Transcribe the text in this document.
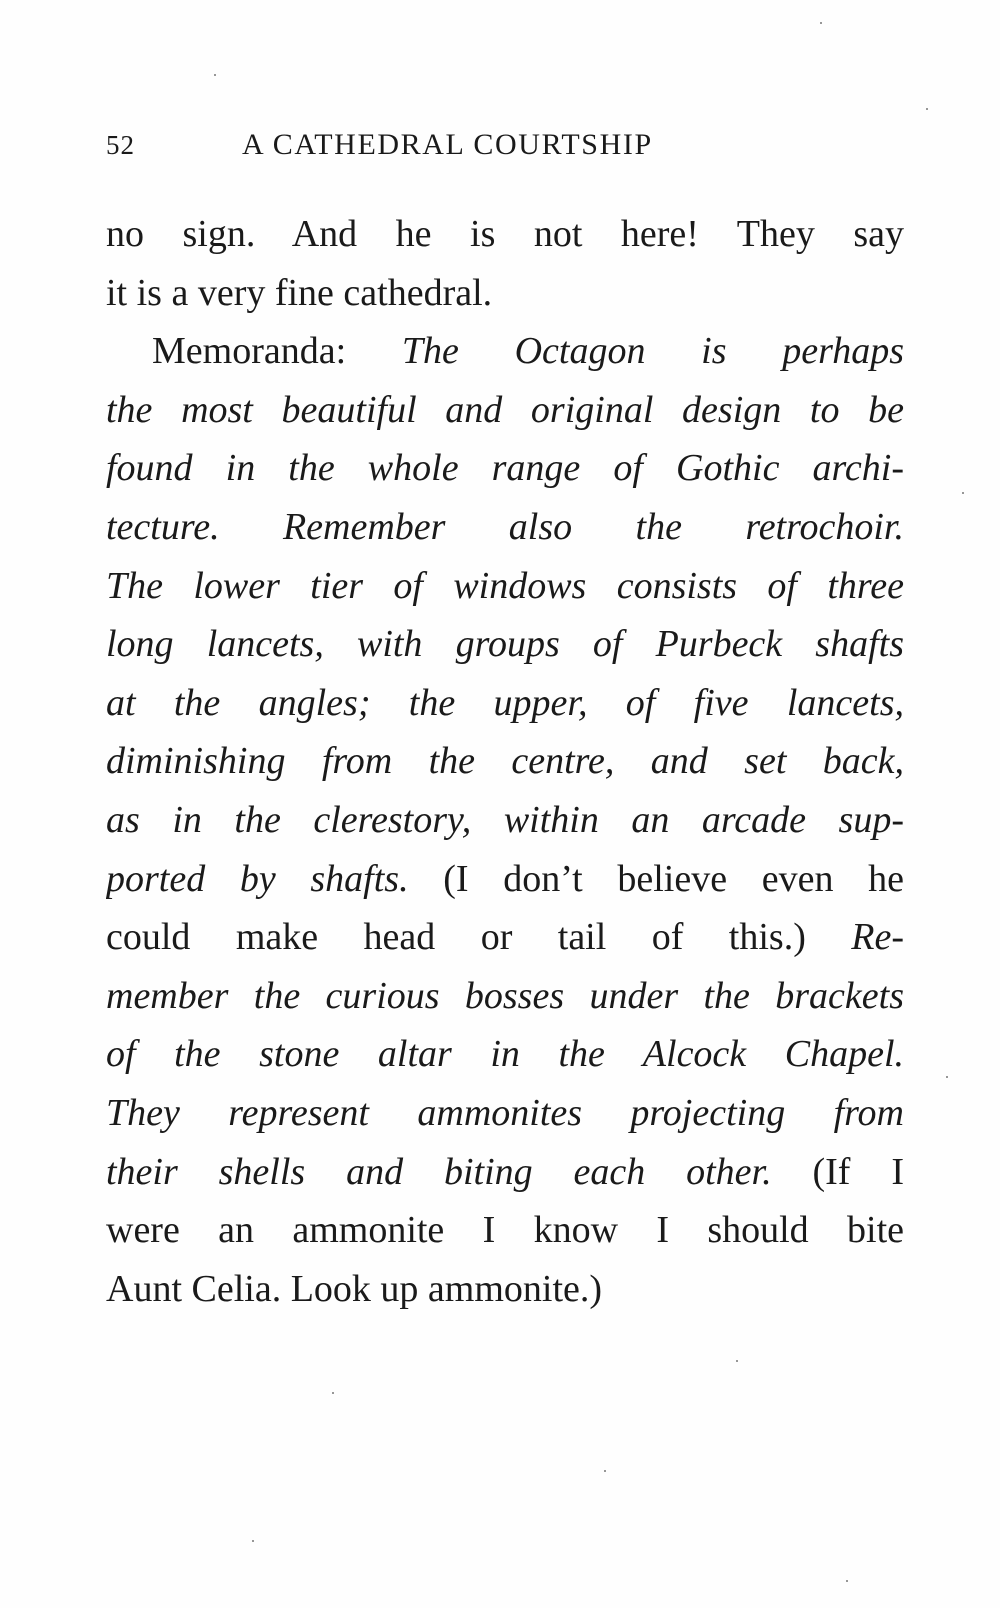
52	A CATHEDRAL COURTSHIP
no sign. And he is not here! They say
it is a very fine cathedral.
Memoranda: The Octagon is perhaps
the most beautiful and original design to be
found in the whole range of Gothic archi-
tecture. Remember also the retrochoir.
The lower tier of windows consists of three
long lancets, with groups of Purbeck shafts
at the angles; the upper, of five lancets,
diminishing from the centre, and set back,
as in the clerestory, within an arcade sup-
ported by shafts. (I don’t believe even he
could make head or tail of this.) Re-
member the curious bosses under the brackets
of the stone altar in the Alcock Chapel.
They represent ammonites projecting from
their shells and biting each other. (If I
were an ammonite I know I should bite
Aunt Celia. Look up ammonite.)
